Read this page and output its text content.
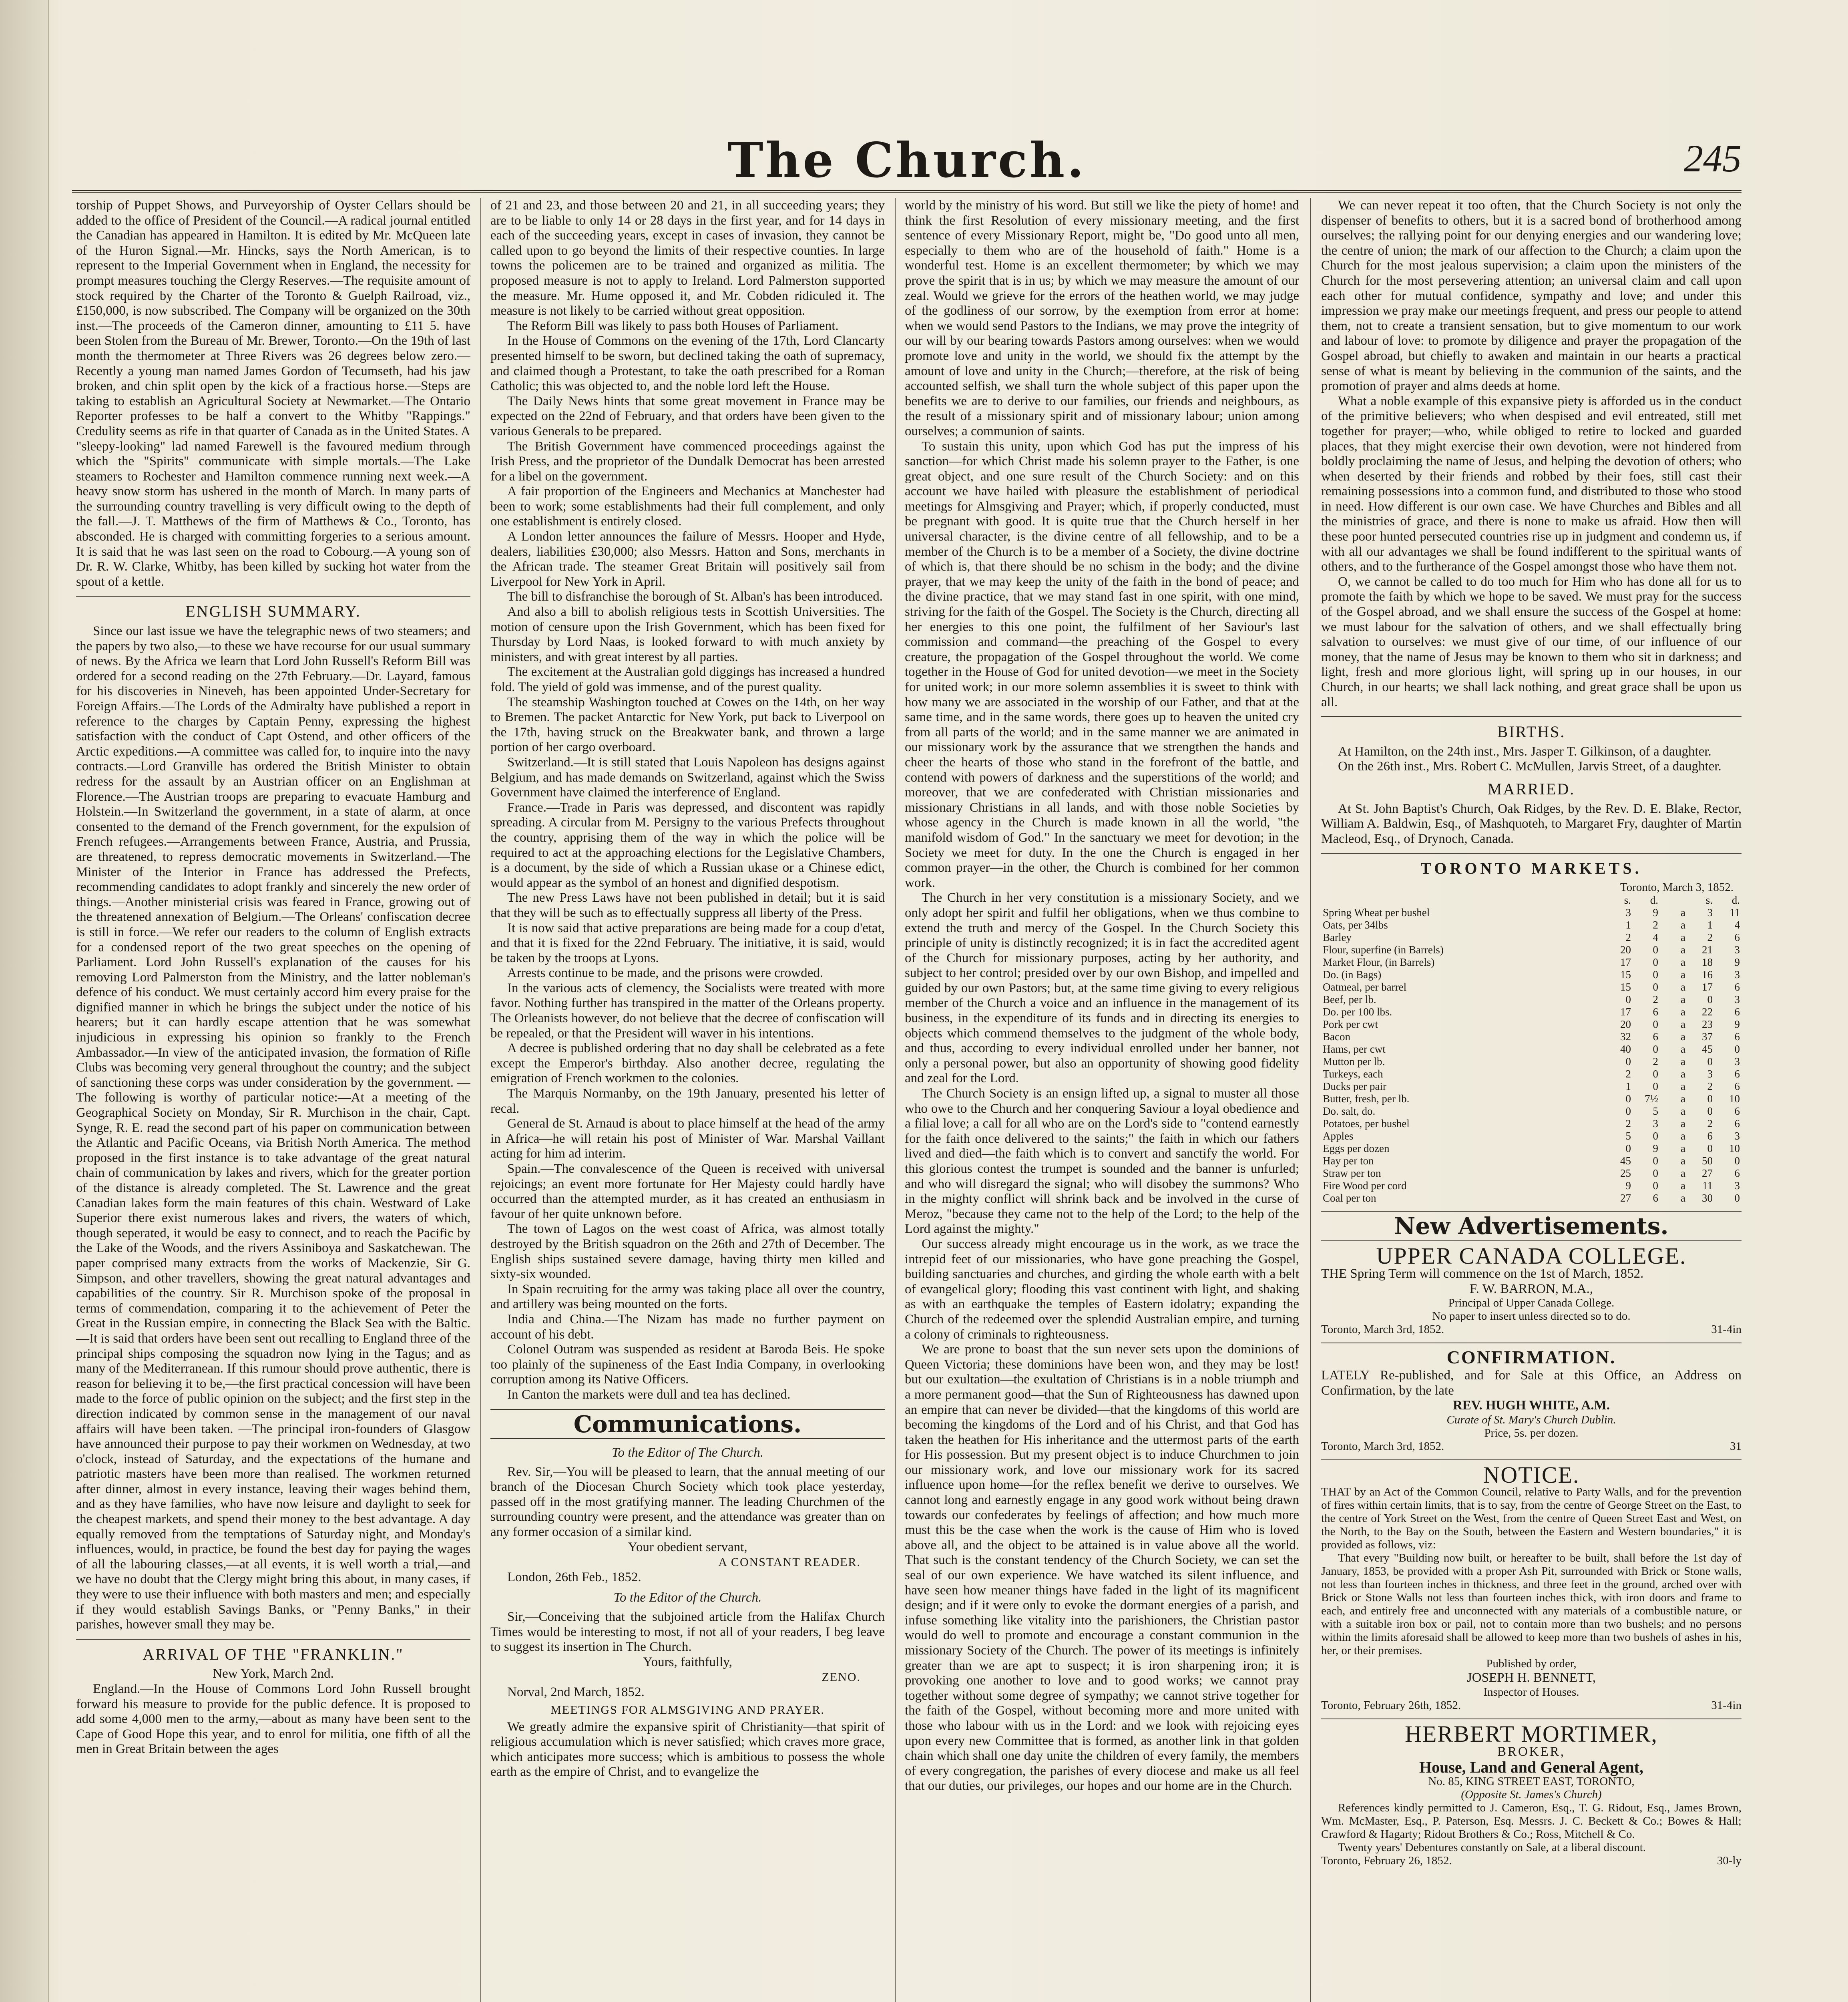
The Church.	245

torship of Puppet Shows, and Purveyorship of Oyster Cellars should be added to the office of President of the Council.—A radical journal entitled the Canadian has appeared in Hamilton. It is edited by Mr. McQueen late of the Huron Signal.—Mr. Hincks, says the North American, is to represent to the Imperial Government when in England, the necessity for prompt measures touching the Clergy Reserves.—The requisite amount of stock required by the Charter of the Toronto & Guelph Railroad, viz., £150,000, is now subscribed. The Company will be organized on the 30th inst.—The proceeds of the Cameron dinner, amounting to £11 5. have been Stolen from the Bureau of Mr. Brewer, Toronto.—On the 19th of last month the thermometer at Three Rivers was 26 degrees below zero.—Recently a young man named James Gordon of Tecumseth, had his jaw broken, and chin split open by the kick of a fractious horse.—Steps are taking to establish an Agricultural Society at Newmarket.—The Ontario Reporter professes to be half a convert to the Whitby "Rappings." Credulity seems as rife in that quarter of Canada as in the United States. A "sleepy-looking" lad named Farewell is the favoured medium through which the "Spirits" communicate with simple mortals.—The Lake steamers to Rochester and Hamilton commence running next week.—A heavy snow storm has ushered in the month of March. In many parts of the surrounding country travelling is very difficult owing to the depth of the fall.—J. T. Matthews of the firm of Matthews & Co., Toronto, has absconded. He is charged with committing forgeries to a serious amount. It is said that he was last seen on the road to Cobourg.—A young son of Dr. R. W. Clarke, Whitby, has been killed by sucking hot water from the spout of a kettle.

ENGLISH SUMMARY.

Since our last issue we have the telegraphic news of two steamers; and the papers by two also,—to these we have recourse for our usual summary of news. By the Africa we learn that Lord John Russell's Reform Bill was ordered for a second reading on the 27th February.—Dr. Layard, famous for his discoveries in Nineveh, has been appointed Under-Secretary for Foreign Affairs.—The Lords of the Admiralty have published a report in reference to the charges by Captain Penny, expressing the highest satisfaction with the conduct of Capt Ostend, and other officers of the Arctic expeditions.—A committee was called for, to inquire into the navy contracts.—Lord Granville has ordered the British Minister to obtain redress for the assault by an Austrian officer on an Englishman at Florence.—The Austrian troops are preparing to evacuate Hamburg and Holstein.—In Switzerland the government, in a state of alarm, at once consented to the demand of the French government, for the expulsion of French refugees.—Arrangements between France, Austria, and Prussia, are threatened, to repress democratic movements in Switzerland.—The Minister of the Interior in France has addressed the Prefects, recommending candidates to adopt frankly and sincerely the new order of things.—Another ministerial crisis was feared in France, growing out of the threatened annexation of Belgium.—The Orleans' confiscation decree is still in force.—We refer our readers to the column of English extracts for a condensed report of the two great speeches on the opening of Parliament. Lord John Russell's explanation of the causes for his removing Lord Palmerston from the Ministry, and the latter nobleman's defence of his conduct. We must certainly accord him every praise for the dignified manner in which he brings the subject under the notice of his hearers; but it can hardly escape attention that he was somewhat injudicious in expressing his opinion so frankly to the French Ambassador.—In view of the anticipated invasion, the formation of Rifle Clubs was becoming very general throughout the country; and the subject of sanctioning these corps was under consideration by the government. —The following is worthy of particular notice:—At a meeting of the Geographical Society on Monday, Sir R. Murchison in the chair, Capt. Synge, R. E. read the second part of his paper on communication between the Atlantic and Pacific Oceans, via British North America. The method proposed in the first instance is to take advantage of the great natural chain of communication by lakes and rivers, which for the greater portion of the distance is already completed. The St. Lawrence and the great Canadian lakes form the main features of this chain. Westward of Lake Superior there exist numerous lakes and rivers, the waters of which, though seperated, it would be easy to connect, and to reach the Pacific by the Lake of the Woods, and the rivers Assiniboya and Saskatchewan. The paper comprised many extracts from the works of Mackenzie, Sir G. Simpson, and other travellers, showing the great natural advantages and capabilities of the country. Sir R. Murchison spoke of the proposal in terms of commendation, comparing it to the achievement of Peter the Great in the Russian empire, in connecting the Black Sea with the Baltic.—It is said that orders have been sent out recalling to England three of the principal ships composing the squadron now lying in the Tagus; and as many of the Mediterranean. If this rumour should prove authentic, there is reason for believing it to be,—the first practical concession will have been made to the force of public opinion on the subject; and the first step in the direction indicated by common sense in the management of our naval affairs will have been taken. —The principal iron-founders of Glasgow have announced their purpose to pay their workmen on Wednesday, at two o'clock, instead of Saturday, and the expectations of the humane and patriotic masters have been more than realised. The workmen returned after dinner, almost in every instance, leaving their wages behind them, and as they have families, who have now leisure and daylight to seek for the cheapest markets, and spend their money to the best advantage. A day equally removed from the temptations of Saturday night, and Monday's influences, would, in practice, be found the best day for paying the wages of all the labouring classes,—at all events, it is well worth a trial,—and we have no doubt that the Clergy might bring this about, in many cases, if they were to use their influence with both masters and men; and especially if they would establish Savings Banks, or "Penny Banks," in their parishes, however small they may be.

ARRIVAL OF THE "FRANKLIN."
New York, March 2nd.

England.—In the House of Commons Lord John Russell brought forward his measure to provide for the public defence. It is proposed to add some 4,000 men to the army,—about as many have been sent to the Cape of Good Hope this year, and to enrol for militia, one fifth of all the men in Great Britain between the ages

of 21 and 23, and those between 20 and 21, in all succeeding years; they are to be liable to only 14 or 28 days in the first year, and for 14 days in each of the succeeding years, except in cases of invasion, they cannot be called upon to go beyond the limits of their respective counties. In large towns the policemen are to be trained and organized as militia. The proposed measure is not to apply to Ireland. Lord Palmerston supported the measure. Mr. Hume opposed it, and Mr. Cobden ridiculed it. The measure is not likely to be carried without great opposition.

The Reform Bill was likely to pass both Houses of Parliament.

In the House of Commons on the evening of the 17th, Lord Clancarty presented himself to be sworn, but declined taking the oath of supremacy, and claimed though a Protestant, to take the oath prescribed for a Roman Catholic; this was objected to, and the noble lord left the House.

The Daily News hints that some great movement in France may be expected on the 22nd of February, and that orders have been given to the various Generals to be prepared.

The British Government have commenced proceedings against the Irish Press, and the proprietor of the Dundalk Democrat has been arrested for a libel on the government.

A fair proportion of the Engineers and Mechanics at Manchester had been to work; some establishments had their full complement, and only one establishment is entirely closed.

A London letter announces the failure of Messrs. Hooper and Hyde, dealers, liabilities £30,000; also Messrs. Hatton and Sons, merchants in the African trade. The steamer Great Britain will positively sail from Liverpool for New York in April.

The bill to disfranchise the borough of St. Alban's has been introduced.

And also a bill to abolish religious tests in Scottish Universities. The motion of censure upon the Irish Government, which has been fixed for Thursday by Lord Naas, is looked forward to with much anxiety by ministers, and with great interest by all parties.

The excitement at the Australian gold diggings has increased a hundred fold. The yield of gold was immense, and of the purest quality.

The steamship Washington touched at Cowes on the 14th, on her way to Bremen. The packet Antarctic for New York, put back to Liverpool on the 17th, having struck on the Breakwater bank, and thrown a large portion of her cargo overboard.

Switzerland.—It is still stated that Louis Napoleon has designs against Belgium, and has made demands on Switzerland, against which the Swiss Government have claimed the interference of England.

France.—Trade in Paris was depressed, and discontent was rapidly spreading. A circular from M. Persigny to the various Prefects throughout the country, apprising them of the way in which the police will be required to act at the approaching elections for the Legislative Chambers, is a document, by the side of which a Russian ukase or a Chinese edict, would appear as the symbol of an honest and dignified despotism.

The new Press Laws have not been published in detail; but it is said that they will be such as to effectually suppress all liberty of the Press.

It is now said that active preparations are being made for a coup d'etat, and that it is fixed for the 22nd February. The initiative, it is said, would be taken by the troops at Lyons.

Arrests continue to be made, and the prisons were crowded.

In the various acts of clemency, the Socialists were treated with more favor. Nothing further has transpired in the matter of the Orleans property. The Orleanists however, do not believe that the decree of confiscation will be repealed, or that the President will waver in his intentions.

A decree is published ordering that no day shall be celebrated as a fete except the Emperor's birthday. Also another decree, regulating the emigration of French workmen to the colonies.

The Marquis Normanby, on the 19th January, presented his letter of recal.

General de St. Arnaud is about to place himself at the head of the army in Africa—he will retain his post of Minister of War. Marshal Vaillant acting for him ad interim.

Spain.—The convalescence of the Queen is received with universal rejoicings; an event more fortunate for Her Majesty could hardly have occurred than the attempted murder, as it has created an enthusiasm in favour of her quite unknown before.

The town of Lagos on the west coast of Africa, was almost totally destroyed by the British squadron on the 26th and 27th of December. The English ships sustained severe damage, having thirty men killed and sixty-six wounded.

In Spain recruiting for the army was taking place all over the country, and artillery was being mounted on the forts.

India and China.—The Nizam has made no further payment on account of his debt.

Colonel Outram was suspended as resident at Baroda Beis. He spoke too plainly of the supineness of the East India Company, in overlooking corruption among its Native Officers.

In Canton the markets were dull and tea has declined.

Communications.
To the Editor of The Church.

Rev. Sir,—You will be pleased to learn, that the annual meeting of our branch of the Diocesan Church Society which took place yesterday, passed off in the most gratifying manner. The leading Churchmen of the surrounding country were present, and the attendance was greater than on any former occasion of a similar kind.

Your obedient servant,
A CONSTANT READER.
London, 26th Feb., 1852.
To the Editor of the Church.

Sir,—Conceiving that the subjoined article from the Halifax Church Times would be interesting to most, if not all of your readers, I beg leave to suggest its insertion in The Church.

Yours, faithfully,
ZENO.
Norval, 2nd March, 1852.
MEETINGS FOR ALMSGIVING AND PRAYER.

We greatly admire the expansive spirit of Christianity—that spirit of religious accumulation which is never satisfied; which craves more grace, which anticipates more success; which is ambitious to possess the whole earth as the empire of Christ, and to evangelize the

world by the ministry of his word. But still we like the piety of home! and think the first Resolution of every missionary meeting, and the first sentence of every Missionary Report, might be, "Do good unto all men, especially to them who are of the household of faith." Home is a wonderful test. Home is an excellent thermometer; by which we may prove the spirit that is in us; by which we may measure the amount of our zeal. Would we grieve for the errors of the heathen world, we may judge of the godliness of our sorrow, by the exemption from error at home: when we would send Pastors to the Indians, we may prove the integrity of our will by our bearing towards Pastors among ourselves: when we would promote love and unity in the world, we should fix the attempt by the amount of love and unity in the Church;—therefore, at the risk of being accounted selfish, we shall turn the whole subject of this paper upon the benefits we are to derive to our families, our friends and neighbours, as the result of a missionary spirit and of missionary labour; union among ourselves; a communion of saints.

To sustain this unity, upon which God has put the impress of his sanction—for which Christ made his solemn prayer to the Father, is one great object, and one sure result of the Church Society: and on this account we have hailed with pleasure the establishment of periodical meetings for Almsgiving and Prayer; which, if properly conducted, must be pregnant with good. It is quite true that the Church herself in her universal character, is the divine centre of all fellowship, and to be a member of the Church is to be a member of a Society, the divine doctrine of which is, that there should be no schism in the body; and the divine prayer, that we may keep the unity of the faith in the bond of peace; and the divine practice, that we may stand fast in one spirit, with one mind, striving for the faith of the Gospel. The Society is the Church, directing all her energies to this one point, the fulfilment of her Saviour's last commission and command—the preaching of the Gospel to every creature, the propagation of the Gospel throughout the world. We come together in the House of God for united devotion—we meet in the Society for united work; in our more solemn assemblies it is sweet to think with how many we are associated in the worship of our Father, and that at the same time, and in the same words, there goes up to heaven the united cry from all parts of the world; and in the same manner we are animated in our missionary work by the assurance that we strengthen the hands and cheer the hearts of those who stand in the forefront of the battle, and contend with powers of darkness and the superstitions of the world; and moreover, that we are confederated with Christian missionaries and missionary Christians in all lands, and with those noble Societies by whose agency in the Church is made known in all the world, "the manifold wisdom of God." In the sanctuary we meet for devotion; in the Society we meet for duty. In the one the Church is engaged in her common prayer—in the other, the Church is combined for her common work.

The Church in her very constitution is a missionary Society, and we only adopt her spirit and fulfil her obligations, when we thus combine to extend the truth and mercy of the Gospel. In the Church Society this principle of unity is distinctly recognized; it is in fact the accredited agent of the Church for missionary purposes, acting by her authority, and subject to her control; presided over by our own Bishop, and impelled and guided by our own Pastors; but, at the same time giving to every religious member of the Church a voice and an influence in the management of its business, in the expenditure of its funds and in directing its energies to objects which commend themselves to the judgment of the whole body, and thus, according to every individual enrolled under her banner, not only a personal power, but also an opportunity of showing good fidelity and zeal for the Lord.

The Church Society is an ensign lifted up, a signal to muster all those who owe to the Church and her conquering Saviour a loyal obedience and a filial love; a call for all who are on the Lord's side to "contend earnestly for the faith once delivered to the saints;" the faith in which our fathers lived and died—the faith which is to convert and sanctify the world. For this glorious contest the trumpet is sounded and the banner is unfurled; and who will disregard the signal; who will disobey the summons? Who in the mighty conflict will shrink back and be involved in the curse of Meroz, "because they came not to the help of the Lord; to the help of the Lord against the mighty."

Our success already might encourage us in the work, as we trace the intrepid feet of our missionaries, who have gone preaching the Gospel, building sanctuaries and churches, and girding the whole earth with a belt of evangelical glory; flooding this vast continent with light, and shaking as with an earthquake the temples of Eastern idolatry; expanding the Church of the redeemed over the splendid Australian empire, and turning a colony of criminals to righteousness.

We are prone to boast that the sun never sets upon the dominions of Queen Victoria; these dominions have been won, and they may be lost! but our exultation—the exultation of Christians is in a noble triumph and a more permanent good—that the Sun of Righteousness has dawned upon an empire that can never be divided—that the kingdoms of this world are becoming the kingdoms of the Lord and of his Christ, and that God has taken the heathen for His inheritance and the uttermost parts of the earth for His possession. But my present object is to induce Churchmen to join our missionary work, and love our missionary work for its sacred influence upon home—for the reflex benefit we derive to ourselves. We cannot long and earnestly engage in any good work without being drawn towards our confederates by feelings of affection; and how much more must this be the case when the work is the cause of Him who is loved above all, and the object to be attained is in value above all the world. That such is the constant tendency of the Church Society, we can set the seal of our own experience. We have watched its silent influence, and have seen how meaner things have faded in the light of its magnificent design; and if it were only to evoke the dormant energies of a parish, and infuse something like vitality into the parishioners, the Christian pastor would do well to promote and encourage a constant communion in the missionary Society of the Church. The power of its meetings is infinitely greater than we are apt to suspect; it is iron sharpening iron; it is provoking one another to love and to good works; we cannot pray together without some degree of sympathy; we cannot strive together for the faith of the Gospel, without becoming more and more united with those who labour with us in the Lord: and we look with rejoicing eyes upon every new Committee that is formed, as another link in that golden chain which shall one day unite the children of every family, the members of every congregation, the parishes of every diocese and make us all feel that our duties, our privileges, our hopes and our home are in the Church.

We can never repeat it too often, that the Church Society is not only the dispenser of benefits to others, but it is a sacred bond of brotherhood among ourselves; the rallying point for our denying energies and our wandering love; the centre of union; the mark of our affection to the Church; a claim upon the Church for the most jealous supervision; a claim upon the ministers of the Church for the most persevering attention; an universal claim and call upon each other for mutual confidence, sympathy and love; and under this impression we pray make our meetings frequent, and press our people to attend them, not to create a transient sensation, but to give momentum to our work and labour of love: to promote by diligence and prayer the propagation of the Gospel abroad, but chiefly to awaken and maintain in our hearts a practical sense of what is meant by believing in the communion of the saints, and the promotion of prayer and alms deeds at home.

What a noble example of this expansive piety is afforded us in the conduct of the primitive believers; who when despised and evil entreated, still met together for prayer;—who, while obliged to retire to locked and guarded places, that they might exercise their own devotion, were not hindered from boldly proclaiming the name of Jesus, and helping the devotion of others; who when deserted by their friends and robbed by their foes, still cast their remaining possessions into a common fund, and distributed to those who stood in need. How different is our own case. We have Churches and Bibles and all the ministries of grace, and there is none to make us afraid. How then will these poor hunted persecuted countries rise up in judgment and condemn us, if with all our advantages we shall be found indifferent to the spiritual wants of others, and to the furtherance of the Gospel amongst those who have them not.

O, we cannot be called to do too much for Him who has done all for us to promote the faith by which we hope to be saved. We must pray for the success of the Gospel abroad, and we shall ensure the success of the Gospel at home: we must labour for the salvation of others, and we shall effectually bring salvation to ourselves: we must give of our time, of our influence of our money, that the name of Jesus may be known to them who sit in darkness; and light, fresh and more glorious light, will spring up in our houses, in our Church, in our hearts; we shall lack nothing, and great grace shall be upon us all.

BIRTHS.

At Hamilton, on the 24th inst., Mrs. Jasper T. Gilkinson, of a daughter.

On the 26th inst., Mrs. Robert C. McMullen, Jarvis Street, of a daughter.

MARRIED.

At St. John Baptist's Church, Oak Ridges, by the Rev. D. E. Blake, Rector, William A. Baldwin, Esq., of Mashquoteh, to Margaret Fry, daughter of Martin Macleod, Esq., of Drynoch, Canada.

TORONTO MARKETS.
Toronto, March 3, 1852.
	s.	d.		s.	d.
Spring Wheat per bushel	3	9	a	3	11
Oats, per 34lbs	1	2	a	1	4
Barley	2	4	a	2	6
Flour, superfine (in Barrels)	20	0	a	21	3
Market Flour, (in Barrels)	17	0	a	18	9
Do. (in Bags)	15	0	a	16	3
Oatmeal, per barrel	15	0	a	17	6
Beef, per lb.	0	2	a	0	3
Do. per 100 lbs.	17	6	a	22	6
Pork per cwt	20	0	a	23	9
Bacon	32	6	a	37	6
Hams, per cwt	40	0	a	45	0
Mutton per lb.	0	2	a	0	3
Turkeys, each	2	0	a	3	6
Ducks per pair	1	0	a	2	6
Butter, fresh, per lb.	0	7½	a	0	10
Do. salt, do.	0	5	a	0	6
Potatoes, per bushel	2	3	a	2	6
Apples	5	0	a	6	3
Eggs per dozen	0	9	a	0	10
Hay per ton	45	0	a	50	0
Straw per ton	25	0	a	27	6
Fire Wood per cord	9	0	a	11	3
Coal per ton	27	6	a	30	0
New Advertisements.
UPPER CANADA COLLEGE.

THE Spring Term will commence on the 1st of March, 1852.

F. W. BARRON, M.A.,
Principal of Upper Canada College.
No paper to insert unless directed so to do.
Toronto, March 3rd, 1852.	31-4in
CONFIRMATION.

LATELY Re-published, and for Sale at this Office, an Address on Confirmation, by the late

REV. HUGH WHITE, A.M.
Curate of St. Mary's Church Dublin.
Price, 5s. per dozen.
Toronto, March 3rd, 1852.	31
NOTICE.

THAT by an Act of the Common Council, relative to Party Walls, and for the prevention of fires within certain limits, that is to say, from the centre of George Street on the East, to the centre of York Street on the West, from the centre of Queen Street East and West, on the North, to the Bay on the South, between the Eastern and Western boundaries," it is provided as follows, viz:

That every "Building now built, or hereafter to be built, shall before the 1st day of January, 1853, be provided with a proper Ash Pit, surrounded with Brick or Stone walls, not less than fourteen inches in thickness, and three feet in the ground, arched over with Brick or Stone Walls not less than fourteen inches thick, with iron doors and frame to each, and entirely free and unconnected with any materials of a combustible nature, or with a suitable iron box or pail, not to contain more than two bushels; and no persons within the limits aforesaid shall be allowed to keep more than two bushels of ashes in his, her, or their premises.

Published by order,
JOSEPH H. BENNETT,
Inspector of Houses.
Toronto, February 26th, 1852.	31-4in
HERBERT MORTIMER,
BROKER,
House, Land and General Agent,
No. 85, KING STREET EAST, TORONTO,
(Opposite St. James's Church)

References kindly permitted to J. Cameron, Esq., T. G. Ridout, Esq., James Brown, Wm. McMaster, Esq., P. Paterson, Esq. Messrs. J. C. Beckett & Co.; Bowes & Hall; Crawford & Hagarty; Ridout Brothers & Co.; Ross, Mitchell & Co.

Twenty years' Debentures constantly on Sale, at a liberal discount.

Toronto, February 26, 1852.	30-ly
